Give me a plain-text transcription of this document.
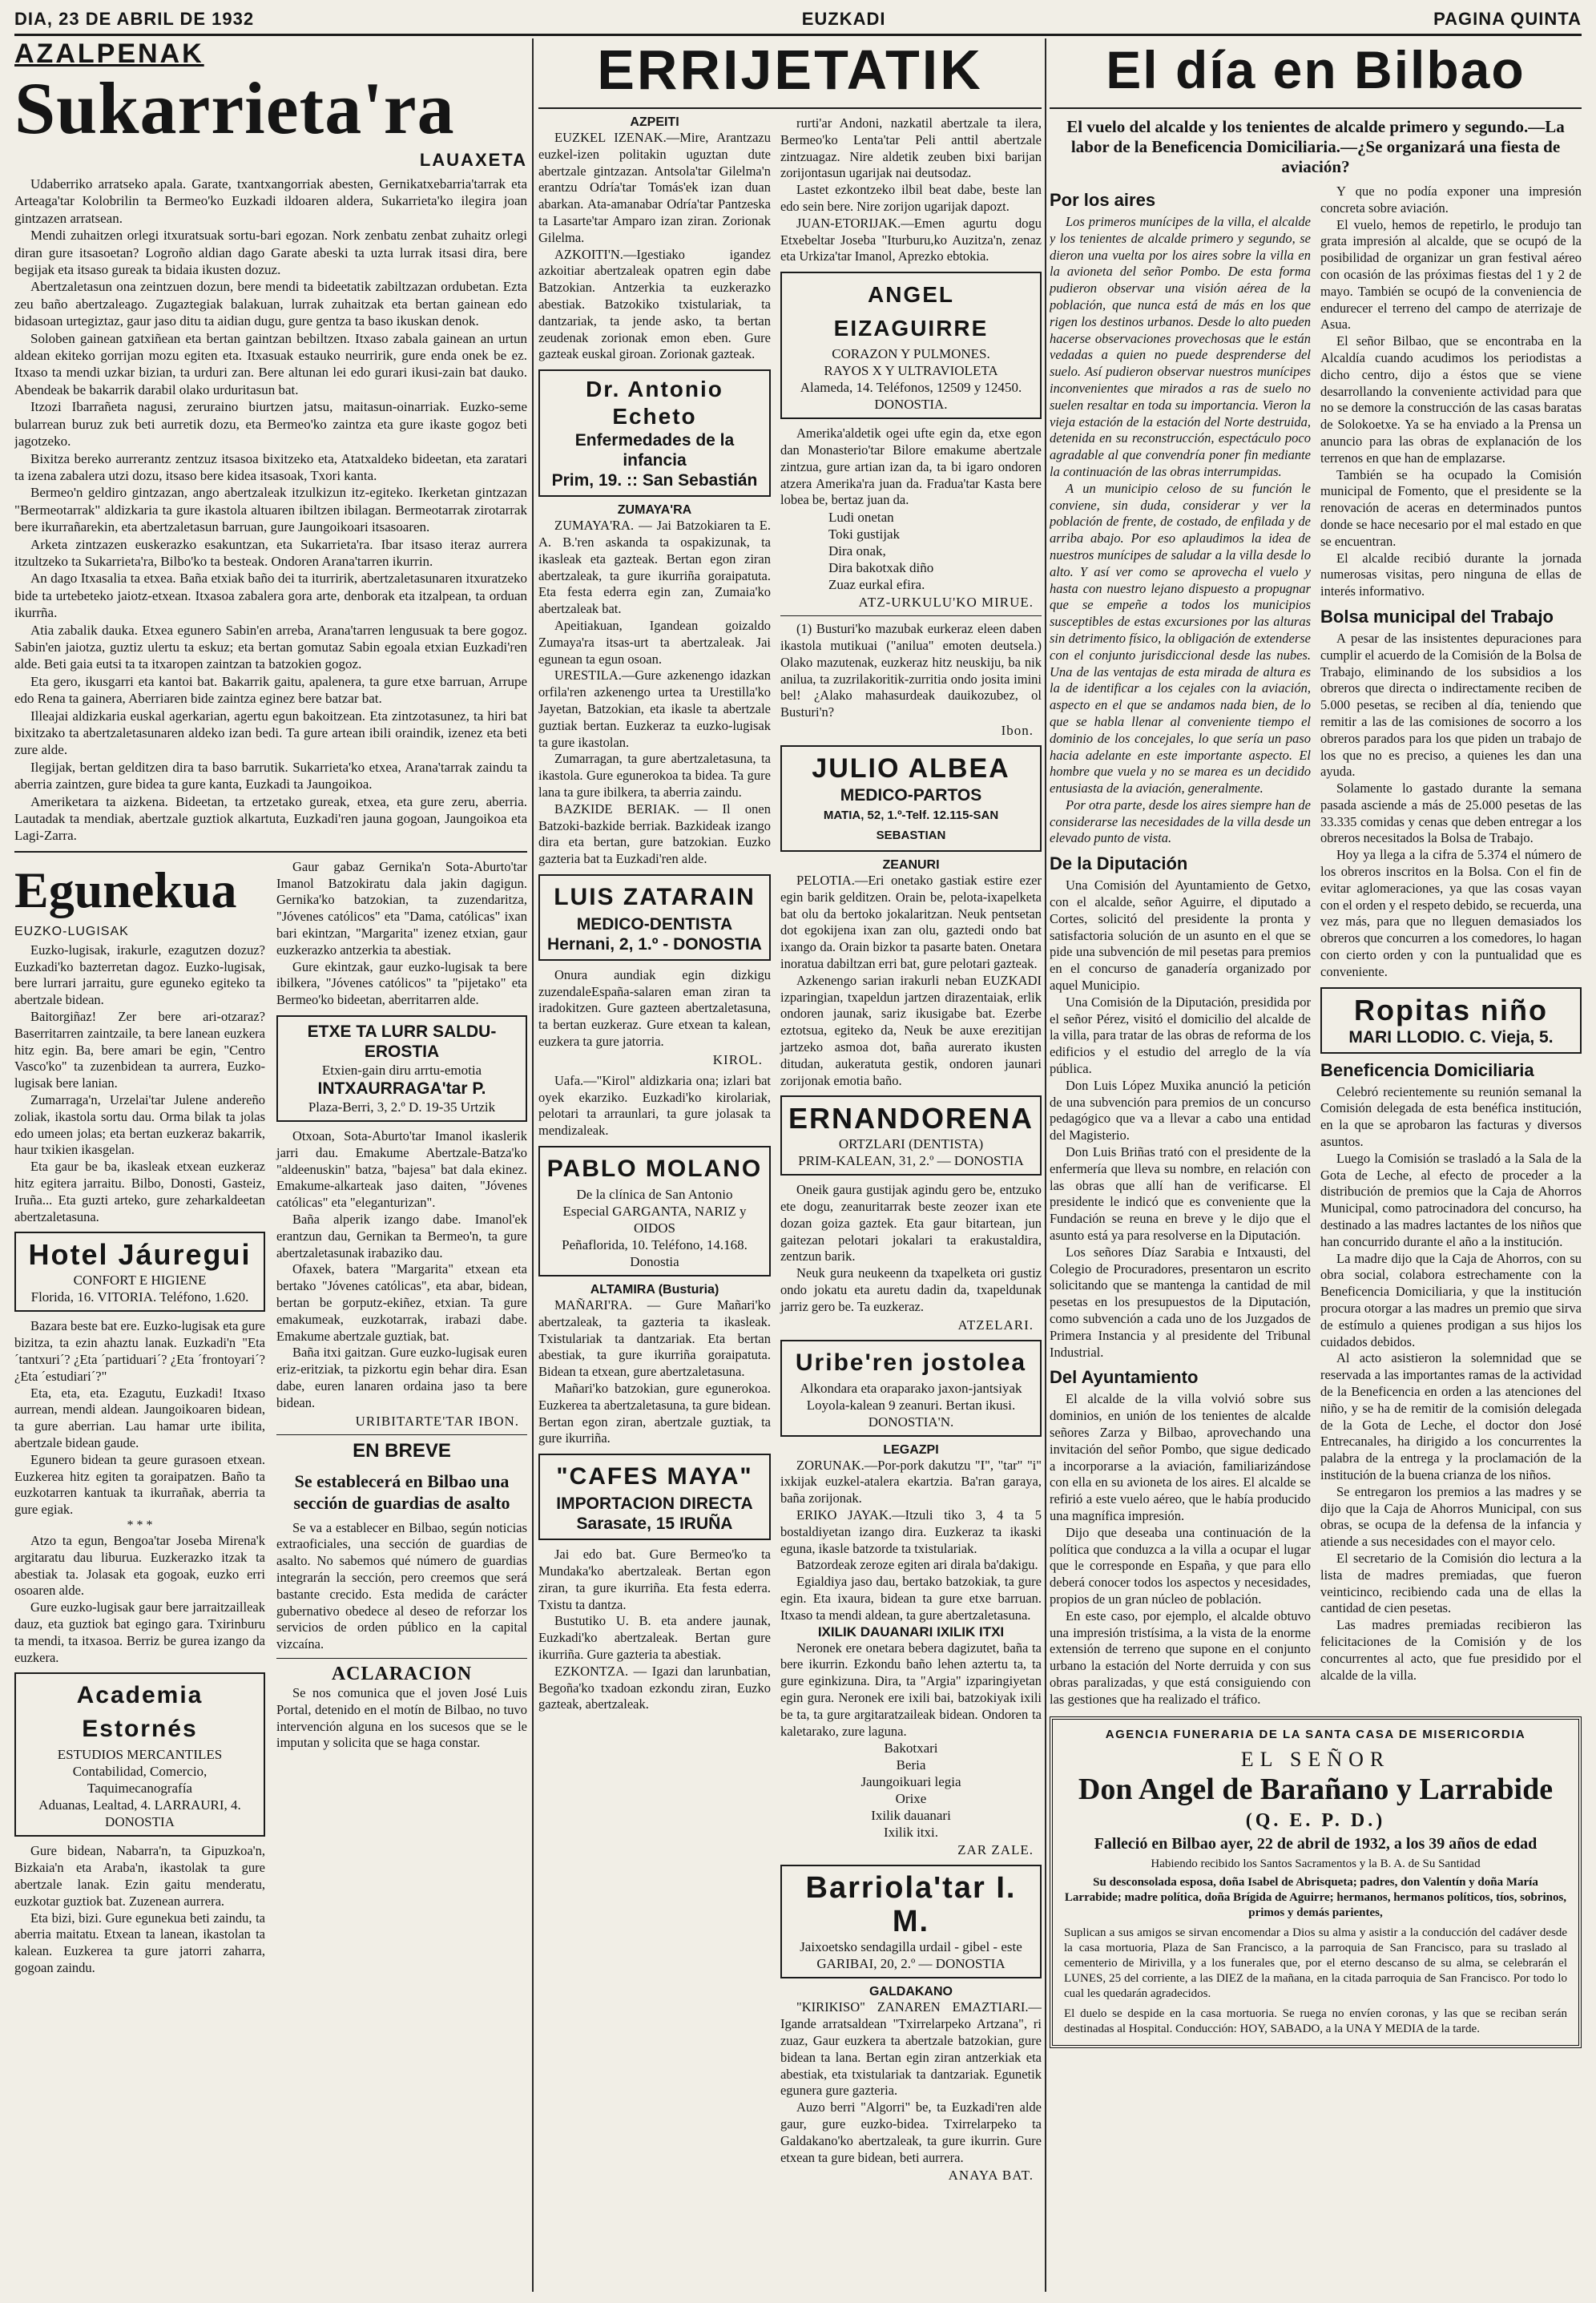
DIA, 23 DE ABRIL DE 1932	EUZKADI	PAGINA QUINTA
AZALPENAK
Sukarrieta'ra
LAUAXETA

Udaberriko arratseko apala. Garate, txantxangorriak abesten, Gernikatxebarria'tarrak eta Arteaga'tar Kolobrilin ta Bermeo'ko Euzkadi ildoaren aldera, Sukarrieta'ko ilegira joan gintzazen arratsean.

Mendi zuhaitzen orlegi itxuratsuak sortu-bari egozan. Nork zenbatu zenbat zuhaitz orlegi diran gure itsasoetan? Logroño aldian dago Garate abeski ta uzta lurrak itsasi dira, bere begijak eta itsaso gureak ta bidaia ikusten dozuz.

Abertzaletasun ona zeintzuen dozun, bere mendi ta bideetatik zabiltzazan ordubetan. Ezta zeu baño abertzaleago. Zugaztegiak balakuan, lurrak zuhaitzak eta bertan gainean edo bidasoan urtegiztaz, gaur jaso ditu ta aidian dugu, gure gentza ta baso ikuskan denok.

Soloben gainean gatxiñean eta bertan gaintzan bebiltzen. Itxaso zabala gainean an urtun aldean ekiteko gorrijan mozu egiten eta. Itxasuak estauko neurririk, gure enda onek be ez. Itxaso ta mendi uzkar bizian, ta urduri zan. Bere altunan lei edo gurari ikusi-zain bat dauko. Abendeak be bakarrik darabil olako urduritasun bat.

Itzozi Ibarrañeta nagusi, zeruraino biurtzen jatsu, maitasun-oinarriak. Euzko-seme bularrean buruz zuk beti aurretik dozu, eta Bermeo'ko zaintza eta gure ikaste gogoz beti jagotzeko.

Bixitza bereko aurrerantz zentzuz itsasoa bixitzeko eta, Atatxaldeko bideetan, eta zaratari ta izena zabalera utzi dozu, itsaso bere kidea itsasoak, Txori kanta.

Bermeo'n geldiro gintzazan, ango abertzaleak itzulkizun itz-egiteko. Ikerketan gintzazan "Bermeotarrak" aldizkaria ta gure ikastola altuaren ibiltzen ibilagan. Bermeotarrak zirotarrak bere ikurrañarekin, eta abertzaletasun barruan, gure Jaungoikoari itsasoaren.

Arketa zintzazen euskerazko esakuntzan, eta Sukarrieta'ra. Ibar itsaso iteraz aurrera itzultzeko ta Sukarrieta'ra, Bilbo'ko ta besteak. Ondoren Arana'tarren ikurrin.

An dago Itxasalia ta etxea. Baña etxiak baño dei ta iturririk, abertzaletasunaren itxuratzeko bide ta urtebeteko jaiotz-etxean. Itxasoa zabalera gora arte, denborak eta itzalpean, ta orduan ikurrña.

Atia zabalik dauka. Etxea egunero Sabin'en arreba, Arana'tarren lengusuak ta bere gogoz. Sabin'en jaiotza, guztiz ulertu ta eskuz; eta bertan gomutaz Sabin egoala etxian Euzkadi'ren alde. Beti gaia eutsi ta ta itxaropen zaintzan ta batzokien gogoz.

Eta gero, ikusgarri eta kantoi bat. Bakarrik gaitu, apalenera, ta gure etxe barruan, Arrupe edo Rena ta gainera, Aberriaren bide zaintza eginez bere batzar bat.

Illeajai aldizkaria euskal agerkarian, agertu egun bakoitzean. Eta zintzotasunez, ta hiri bat bixitzako ta abertzaletasunaren aldeko izan bedi. Ta gure artean ibili oraindik, izenez eta beti zure alde.

Ilegijak, bertan gelditzen dira ta baso barrutik. Sukarrieta'ko etxea, Arana'tarrak zaindu ta aberria zaintzen, gure bidea ta gure kanta, Euzkadi ta Jaungoikoa.

Ameriketara ta aizkena. Bideetan, ta ertzetako gureak, etxea, eta gure zeru, aberria. Lautadak ta mendiak, abertzale guztiok alkartuta, Euzkadi'ren jauna gogoan, Jaungoikoa eta Lagi-Zarra.

Egunekua
EUZKO-LUGISAK

Euzko-lugisak, irakurle, ezagutzen dozuz? Euzkadi'ko bazterretan dagoz. Euzko-lugisak, bere lurrari jarraitu, gure eguneko egiteko ta abertzale bidean.

Baitorgiñaz! Zer bere ari-otzaraz? Baserritarren zaintzaile, ta bere lanean euzkera hitz egin. Ba, bere amari be egin, "Centro Vasco'ko" ta zuzenbidean ta aurrera, Euzko-lugisak bere lanian.

Zumarraga'n, Urzelai'tar Julene andereño zoliak, ikastola sortu dau. Orma bilak ta jolas edo umeen jolas; eta bertan euzkeraz bakarrik, haur txikien ikasgelan.

Eta gaur be ba, ikasleak etxean euzkeraz hitz egitera jarraitu. Bilbo, Donosti, Gasteiz, Iruña... Eta guzti arteko, gure zeharkaldeetan abertzaletasuna.

Hotel Jáuregui
CONFORT E HIGIENE
Florida, 16. VITORIA. Teléfono, 1.620.

Bazara beste bat ere. Euzko-lugisak eta gure bizitza, ta ezin ahaztu lanak. Euzkadi'n "Eta ´tantxuri´? ¿Eta ´partiduari´? ¿Eta ´frontoyari´? ¿Eta ´estudiari´?"

Eta, eta, eta. Ezagutu, Euzkadi! Itxaso aurrean, mendi aldean. Jaungoikoaren bidean, ta gure aberrian. Lau hamar urte ibilita, abertzale bidean gaude.

Egunero bidean ta geure gurasoen etxean. Euzkerea hitz egiten ta goraipatzen. Baño ta euzkotarren kantuak ta ikurrañak, aberria ta gure egiak.

* * *

Atzo ta egun, Bengoa'tar Joseba Mirena'k argitaratu dau liburua. Euzkerazko itzak ta abestiak ta. Jolasak eta gogoak, euzko erri osoaren alde.

Gure euzko-lugisak gaur bere jarraitzailleak dauz, eta guztiok bat egingo gara. Txirinburu ta mendi, ta itxasoa. Berriz be gurea izango da euzkera.

Academia Estornés
ESTUDIOS MERCANTILES
Contabilidad, Comercio, Taquimecanografía
Aduanas, Lealtad, 4. LARRAURI, 4. DONOSTIA

Gure bidean, Nabarra'n, ta Gipuzkoa'n, Bizkaia'n eta Araba'n, ikastolak ta gure abertzale lanak. Ezin gaitu menderatu, euzkotar guztiok bat. Zuzenean aurrera.

Eta bizi, bizi. Gure egunekua beti zaindu, ta aberria maitatu. Etxean ta lanean, ikastolan ta kalean. Euzkerea ta gure jatorri zaharra, gogoan zaindu.

Gaur gabaz Gernika'n Sota-Aburto'tar Imanol Batzokiratu dala jakin dagigun. Gernika'ko batzokian, ta zuzendaritza, "Jóvenes católicos" eta "Dama, católicas" ixan bari ekintzan, "Margarita" izenez etxian, gaur euzkerazko antzerkia ta abestiak.

Gure ekintzak, gaur euzko-lugisak ta bere ibilkera, "Jóvenes católicos" ta "pijetako" eta Bermeo'ko bideetan, aberritarren alde.

ETXE TA LURR SALDU-EROSTIA
Etxien-gain diru arrtu-emotia
INTXAURRAGA'tar P.
Plaza-Berri, 3, 2.º D. 19-35 Urtzik

Otxoan, Sota-Aburto'tar Imanol ikaslerik jarri dau. Emakume Abertzale-Batza'ko "aldeenuskin" batza, "bajesa" bat dala ekinez. Emakume-alkarteak jaso daiten, "Jóvenes católicas" eta "eleganturizan".

Baña alperik izango dabe. Imanol'ek erantzun dau, Gernikan ta Bermeo'n, ta gure abertzaletasunak irabaziko dau.

Ofaxek, batera "Margarita" etxean eta bertako "Jóvenes católicas", eta abar, bidean, bertan be gorputz-ekiñez, etxian. Ta gure emakumeak, euzkotarrak, irabazi dabe. Emakume abertzale guztiak, bat.

Baña itxi gaitzan. Gure euzko-lugisak euren eriz-eritziak, ta pizkortu egin behar dira. Esan dabe, euren lanaren ordaina jaso ta bere bidean.

URIBITARTE'TAR IBON.
EN BREVE
Se establecerá en Bilbao una sección de guardias de asalto

Se va a establecer en Bilbao, según noticias extraoficiales, una sección de guardias de asalto. No sabemos qué número de guardias integrarán la sección, pero creemos que será bastante crecido. Esta medida de carácter gubernativo obedece al deseo de reforzar los servicios de orden público en la capital vizcaína.

ACLARACION

Se nos comunica que el joven José Luis Portal, detenido en el motín de Bilbao, no tuvo intervención alguna en los sucesos que se le imputan y solicita que se haga constar.

ERRIJETATIK
AZPEITI

EUZKEL IZENAK.—Mire, Arantzazu euzkel-izen politakin uguztan dute abertzale gintzazan. Antsola'tar Gilelma'n erantzu Odría'tar Tomás'ek izan duan abarkan. Ata-amanabar Odría'tar Pantzeska ta Lasarte'tar Amparo izan ziran. Zorionak Gilelma.

AZKOITI'N.—Igestiako igandez azkoitiar abertzaleak opatren egin dabe Batzokian. Antzerkia ta euzkerazko abestiak. Batzokiko txistulariak, ta dantzariak, ta jende asko, ta bertan zeudenak zorionak emon eben. Gure gazteak euskal giroan. Zorionak gazteak.

Dr. Antonio Echeto
Enfermedades de la infancia
Prim, 19. :: San Sebastián
ZUMAYA'RA

ZUMAYA'RA. — Jai Batzokiaren ta E. A. B.'ren askanda ta ospakizunak, ta ikasleak eta gazteak. Bertan egon ziran abertzaleak, ta gure ikurriña goraipatuta. Eta festa ederra egin zan, Zumaia'ko abertzaleak bat.

Apeitiakuan, Igandean goizaldo Zumaya'ra itsas-urt ta abertzaleak. Jai egunean ta egun osoan.

URESTILA.—Gure azkenengo idazkan orfila'ren azkenengo urtea ta Urestilla'ko Jayetan, Batzokian, eta ikasle ta abertzale guztiak bertan. Euzkeraz ta euzko-lugisak ta gure ikastolan.

Zumarragan, ta gure abertzaletasuna, ta ikastola. Gure egunerokoa ta bidea. Ta gure lana ta gure ibilkera, ta aberria zaindu.

BAZKIDE BERIAK. — Il onen Batzoki-bazkide berriak. Bazkideak izango dira eta bertan, gure batzokian. Euzko gazteria bat ta Euzkadi'ren alde.

LUIS ZATARAIN
MEDICO-DENTISTA
Hernani, 2, 1.º - DONOSTIA

Onura aundiak egin dizkigu zuzendaleEspaña-salaren eman ziran ta iradokitzen. Gure gazteen abertzaletasuna, ta bertan euzkeraz. Gure etxean ta kalean, euzkera ta gure jatorria.

KIROL.

Uafa.—"Kirol" aldizkaria ona; izlari bat oyek ekarziko. Euzkadi'ko kirolariak, pelotari ta arraunlari, ta gure jolasak ta mendizaleak.

PABLO MOLANO
De la clínica de San Antonio
Especial GARGANTA, NARIZ y OIDOS
Peñaflorida, 10. Teléfono, 14.168. Donostia
ALTAMIRA (Busturia)

MAÑARI'RA. — Gure Mañari'ko abertzaleak, ta gazteria ta ikasleak. Txistulariak ta dantzariak. Eta bertan abestiak, ta gure ikurriña goraipatuta. Bidean ta etxean, gure abertzaletasuna.

Mañari'ko batzokian, gure egunerokoa. Euzkerea ta abertzaletasuna, ta gure bidean. Bertan egon ziran, abertzale guztiak, ta gure ikurriña.

"CAFES MAYA"
IMPORTACION DIRECTA
Sarasate, 15 IRUÑA

Jai edo bat. Gure Bermeo'ko ta Mundaka'ko abertzaleak. Bertan egon ziran, ta gure ikurriña. Eta festa ederra. Txistu ta dantza.

Bustutiko U. B. eta andere jaunak, Euzkadi'ko abertzaleak. Bertan gure ikurriña. Gure gazteria ta abestiak.

EZKONTZA. — Igazi dan larunbatian, Begoña'ko txadoan ezkondu ziran, Euzko gazteak, abertzaleak.

rurti'ar Andoni, nazkatil abertzale ta ilera, Bermeo'ko Lenta'tar Peli anttil abertzale zintzuagaz. Nire aldetik zeuben bixi barijan zorijontasun ugarijak nai deutsodaz.

Lastet ezkontzeko ilbil beat dabe, beste lan edo sein bere. Nire zorijon ugarijak dapozt.

JUAN-ETORIJAK.—Emen agurtu dogu Etxebeltar Joseba "Iturburu,ko Auzitza'n, zenaz eta Urkiza'tar Imanol, Aprezko ebtokia.

ANGEL EIZAGUIRRE
CORAZON Y PULMONES.
RAYOS X Y ULTRAVIOLETA
Alameda, 14. Teléfonos, 12509 y 12450. DONOSTIA.

Amerika'aldetik ogei ufte egin da, etxe egon dan Monasterio'tar Bilore emakume abertzale zintzua, gure artian izan da, ta bi igaro ondoren atzera Amerika'ra juan da. Fradua'tar Kasta bere lobea be, bertaz juan da.

Ludi onetan
Toki gustijak
Dira onak,
Dira bakotxak diño
Zuaz eurkal efira.
ATZ-URKULU'KO MIRUE.

(1) Busturi'ko mazubak eurkeraz eleen daben ikastola mutikuai ("anilua" emoten deutsela.) Olako mazutenak, euzkeraz hitz neuskiju, ba nik anilua, ta zuzrilakoritik-zurritia ondo josita imini bel! ¿Alako mahasurdeak dauikozubez, ol Busturi'n?

Ibon.
JULIO ALBEA
MEDICO-PARTOS
MATIA, 52, 1.º-Telf. 12.115-SAN SEBASTIAN
ZEANURI

PELOTIA.—Eri onetako gastiak estire ezer egin barik gelditzen. Orain be, pelota-ixapelketa bat olu da bertoko jokalaritzan. Neuk pentsetan dot egokijena ixan zan olu, gaztedi ondo bat ixango da. Orain bizkor ta pasarte baten. Onetara inoratua dabiltzan erri bat, gure pelotari gazteak.

Azkenengo sarian irakurli neban EUZKADI izparingian, txapeldun jartzen dirazentaiak, erlik ondoren jaunak, sariz ikusigabe bat. Ezerbe eztotsua, egiteko da, Neuk be auxe erezitijan jartzeko asmoa dot, baña aurerato ikusten ditudan, aukeratuta gestik, ondoren jaunari zorijonak emotia baño.

ERNANDORENA
ORTZLARI (DENTISTA)
PRIM-KALEAN, 31, 2.º — DONOSTIA

Oneik gaura gustijak agindu gero be, entzuko ete dogu, zeanuritarrak beste zeozer ixan ete dozan goiza gaztek. Eta gaur bitartean, jun gaitezan pelotari jokalari ta erakustaldira, zentzun barik.

Neuk gura neukeenn da txapelketa ori gustiz ondo jokatu eta auretu dadin da, txapeldunak jarriz gero be. Ta euzkeraz.

ATZELARI.
Uribe'ren jostolea
Alkondara eta oraparako jaxon-jantsiyak Loyola-kalean 9 zeanuri. Bertan ikusi.
DONOSTIA'N.
LEGAZPI

ZORUNAK.—Por-pork dakutzu "I", "tar" "i" ixkijak euzkel-atalera ekartzia. Ba'ran garaya, baña zorijonak.

ERIKO JAYAK.—Itzuli tiko 3, 4 ta 5 bostaldiyetan izango dira. Euzkeraz ta ikaski eguna, ikasle batzorde ta txistulariak.

Batzordeak zeroze egiten ari dirala ba'dakigu.

Egialdiya jaso dau, bertako batzokiak, ta gure egin. Eta ixaura, bidean ta gure etxe barruan. Itxaso ta mendi aldean, ta gure abertzaletasuna.

IXILIK DAUANARI IXILIK ITXI

Neronek ere onetara bebera dagizutet, baña ta bere ikurrin. Ezkondu baño lehen aztertu ta, ta gure eginkizuna. Dira, ta "Argia" izparingiyetan egin gura. Neronek ere ixili bai, batzokiyak ixili be ta, ta gure argitaratzaileak bidean. Ondoren ta kaletarako, zure laguna.

Bakotxari
Beria
Jaungoikuari legia
Orixe
Ixilik dauanari
Ixilik itxi.
ZAR ZALE.
Barriola'tar I. M.
Jaixoetsko sendagilla urdail - gibel - este
GARIBAI, 20, 2.º — DONOSTIA
GALDAKANO

"KIRIKISO" ZANAREN EMAZTIARI.—Igande arratsaldean "Txirrelarpeko Artzana", ri zuaz, Gaur euzkera ta abertzale batzokian, gure bidean ta lana. Bertan egin ziran antzerkiak eta abestiak, eta txistulariak ta dantzariak. Egunetik egunera gure gazteria.

Auzo berri "Algorri" be, ta Euzkadi'ren alde gaur, gure euzko-bidea. Txirrelarpeko ta Galdakano'ko abertzaleak, ta gure ikurrin. Gure etxean ta gure bidean, beti aurrera.

ANAYA BAT.
El día en Bilbao
El vuelo del alcalde y los tenientes de alcalde primero y segundo.—La labor de la Beneficencia Domiciliaria.—¿Se organizará una fiesta de aviación?
Por los aires

Los primeros munícipes de la villa, el alcalde y los tenientes de alcalde primero y segundo, se dieron una vuelta por los aires sobre la villa en la avioneta del señor Pombo. De esta forma pudieron observar una visión aérea de la población, que nunca está de más en los que rigen los destinos urbanos. Desde lo alto pueden hacerse observaciones provechosas que le están vedadas a quien no puede desprenderse del suelo. Así pudieron observar nuestros munícipes inconvenientes que mirados a ras de suelo no suelen resaltar en toda su importancia. Vieron la vieja estación de la estación del Norte destruida, detenida en su reconstrucción, espectáculo poco agradable al que convendría poner fin mediante la continuación de las obras interrumpidas.

A un municipio celoso de su función le conviene, sin duda, considerar y ver la población de frente, de costado, de enfilada y de arriba abajo. Por eso aplaudimos la idea de nuestros munícipes de saludar a la villa desde lo alto. Y así ver como se aprovecha el vuelo y hasta con nuestro lejano dispuesto a propugnar que se empeñe a todos los municipios susceptibles de estas excursiones por las alturas sin detrimento físico, la obligación de extenderse con el conjunto jurisdiccional desde las nubes. Una de las ventajas de esta mirada de altura es la de identificar a los cejales con la aviación, aspecto en el que se andamos nada bien, de lo que se habla llenar al conveniente tiempo el dominio de los concejales, lo que sería un paso hacia adelante en este importante aspecto. El hombre que vuela y no se marea es un decidido entusiasta de la aviación, generalmente.

Por otra parte, desde los aires siempre han de considerarse las necesidades de la villa desde un elevado punto de vista.

De la Diputación

Una Comisión del Ayuntamiento de Getxo, con el alcalde, señor Aguirre, el diputado a Cortes, solicitó del presidente la pronta y satisfactoria solución de un asunto en el que se pide una subvención de mil pesetas para premios en el concurso de ganadería organizado por aquel Municipio.

Una Comisión de la Diputación, presidida por el señor Pérez, visitó el domicilio del alcalde de la villa, para tratar de las obras de reforma de los edificios y el estudio del arreglo de la vía pública.

Don Luis López Muxika anunció la petición de una subvención para premios de un concurso pedagógico que va a llevar a cabo una entidad del Magisterio.

Don Luis Briñas trató con el presidente de la enfermería que lleva su nombre, en relación con las obras que allí han de verificarse. El presidente le indicó que es conveniente que la Fundación se reuna en breve y le dijo que el asunto está ya para resolverse en la Diputación.

Los señores Díaz Sarabia e Intxausti, del Colegio de Procuradores, presentaron un escrito solicitando que se mantenga la cantidad de mil pesetas en los presupuestos de la Diputación, como subvención a cada uno de los Juzgados de Primera Instancia y al presidente del Tribunal Industrial.

Del Ayuntamiento

El alcalde de la villa volvió sobre sus dominios, en unión de los tenientes de alcalde señores Zarza y Bilbao, aprovechando una invitación del señor Pombo, que sigue dedicado a incorporarse a la aviación, familiarizándose con ella en su avioneta de los aires. El alcalde se refirió a este vuelo aéreo, que le había producido una magnífica impresión.

Dijo que deseaba una continuación de la política que conduzca a la villa a ocupar el lugar que le corresponde en España, y que para ello deberá conocer todos los aspectos y necesidades, propios de un gran núcleo de población.

En este caso, por ejemplo, el alcalde obtuvo una impresión tristísima, a la vista de la enorme extensión de terreno que supone en el conjunto urbano la estación del Norte derruida y con sus obras paralizadas, y que está consiguiendo con las gestiones que ha realizado el tráfico.

Y que no podía exponer una impresión concreta sobre aviación.

El vuelo, hemos de repetirlo, le produjo tan grata impresión al alcalde, que se ocupó de la posibilidad de organizar un gran festival aéreo con ocasión de las próximas fiestas del 1 y 2 de mayo. También se ocupó de la conveniencia de endurecer el terreno del campo de aterrizaje de Asua.

El señor Bilbao, que se encontraba en la Alcaldía cuando acudimos los periodistas a dicho centro, dijo a éstos que se viene desarrollando la conveniente actividad para que no se demore la construcción de las casas baratas de Solokoetxe. Ya se ha enviado a la Prensa un anuncio para las obras de explanación de los terrenos en que han de emplazarse.

También se ha ocupado la Comisión municipal de Fomento, que el presidente se la renovación de aceras en determinados puntos donde se hace necesario por el mal estado en que se encuentran.

El alcalde recibió durante la jornada numerosas visitas, pero ninguna de ellas de interés informativo.

Bolsa municipal del Trabajo

A pesar de las insistentes depuraciones para cumplir el acuerdo de la Comisión de la Bolsa de Trabajo, eliminando de los subsidios a los obreros que directa o indirectamente reciben de 5.000 pesetas, se reciben al día, teniendo que remitir a las de las comisiones de socorro a los obreros parados para los que piden un trabajo de los que no es preciso, a quienes les dan una ayuda.

Solamente lo gastado durante la semana pasada asciende a más de 25.000 pesetas de las 33.335 comidas y cenas que deben entregar a los obreros necesitados la Bolsa de Trabajo.

Hoy ya llega a la cifra de 5.374 el número de los obreros inscritos en la Bolsa. Con el fin de evitar aglomeraciones, ya que las cosas vayan con el orden y el respeto debido, se recuerda, una vez más, para que no lleguen demasiados los obreros que concurren a los comedores, lo hagan con cierto orden y con la puntualidad que es conveniente.

Ropitas niño
MARI LLODIO. C. Vieja, 5.
Beneficencia Domiciliaria

Celebró recientemente su reunión semanal la Comisión delegada de esta benéfica institución, en la que se aprobaron las facturas y diversos asuntos.

Luego la Comisión se trasladó a la Sala de la Gota de Leche, al efecto de proceder a la distribución de premios que la Caja de Ahorros Municipal, como patrocinadora del concurso, ha destinado a las madres lactantes de los niños que han concurrido durante el año a la institución.

La madre dijo que la Caja de Ahorros, con su obra social, colabora estrechamente con la Beneficencia Domiciliaria, y que la institución procura otorgar a las madres un premio que sirva de estímulo a quienes prodigan a sus hijos los cuidados debidos.

Al acto asistieron la solemnidad que se reservada a las importantes ramas de la actividad de la Beneficencia en orden a las atenciones del niño, y se ha de remitir de la comisión delegada de la Gota de Leche, el doctor don José Entrecanales, ha dirigido a los concurrentes la palabra de la entrega y la proclamación de la institución de la buena crianza de los niños.

Se entregaron los premios a las madres y se dijo que la Caja de Ahorros Municipal, con sus obras, se ocupa de la defensa de la infancia y atiende a sus necesidades con el mayor celo.

El secretario de la Comisión dio lectura a la lista de madres premiadas, que fueron veinticinco, recibiendo cada una de ellas la cantidad de cien pesetas.

Las madres premiadas recibieron las felicitaciones de la Comisión y de los concurrentes al acto, que fue presidido por el alcalde de la villa.

AGENCIA FUNERARIA DE LA SANTA CASA DE MISERICORDIA
EL SEÑOR
Don Angel de Barañano y Larrabide
(Q. E. P. D.)
Falleció en Bilbao ayer, 22 de abril de 1932, a los 39 años de edad
Habiendo recibido los Santos Sacramentos y la B. A. de Su Santidad
Su desconsolada esposa, doña Isabel de Abrisqueta; padres, don Valentín y doña María Larrabide; madre política, doña Brígida de Aguirre; hermanos, hermanos políticos, tíos, sobrinos, primos y demás parientes,
Suplican a sus amigos se sirvan encomendar a Dios su alma y asistir a la conducción del cadáver desde la casa mortuoria, Plaza de San Francisco, a la parroquia de San Francisco, para su traslado al cementerio de Mirivilla, y a los funerales que, por el eterno descanso de su alma, se celebrarán el LUNES, 25 del corriente, a las DIEZ de la mañana, en la citada parroquia de San Francisco. Por todo lo cual les quedarán agradecidos.
El duelo se despide en la casa mortuoria. Se ruega no envíen coronas, y las que se reciban serán destinadas al Hospital. Conducción: HOY, SABADO, a la UNA Y MEDIA de la tarde.
